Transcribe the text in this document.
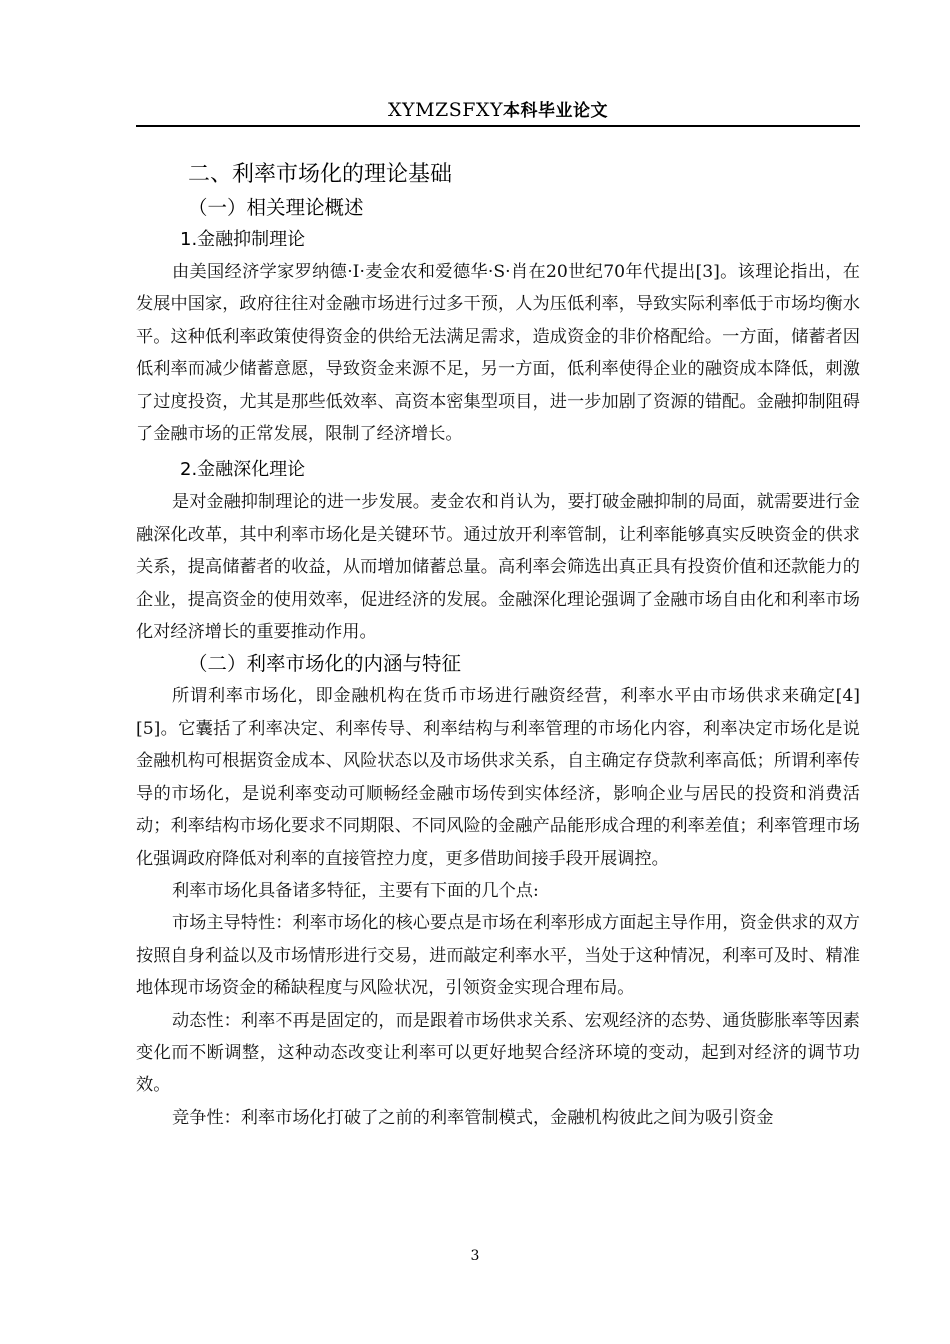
XYMZSFXY本科毕业论文
二、利率市场化的理论基础
（一）相关理论概述
1.金融抑制理论

由美国经济学家罗纳德·I·麦金农和爱德华·S·肖在20世纪70年代提出[3]。该理论指出，在发展中国家，政府往往对金融市场进行过多干预，人为压低利率，导致实际利率低于市场均衡水平。这种低利率政策使得资金的供给无法满足需求，造成资金的非价格配给。一方面，储蓄者因低利率而减少储蓄意愿，导致资金来源不足，另一方面，低利率使得企业的融资成本降低，刺激了过度投资，尤其是那些低效率、高资本密集型项目，进一步加剧了资源的错配。金融抑制阻碍了金融市场的正常发展，限制了经济增长。

2.金融深化理论

是对金融抑制理论的进一步发展。麦金农和肖认为，要打破金融抑制的局面，就需要进行金融深化改革，其中利率市场化是关键环节。通过放开利率管制，让利率能够真实反映资金的供求关系，提高储蓄者的收益，从而增加储蓄总量。高利率会筛选出真正具有投资价值和还款能力的企业，提高资金的使用效率，促进经济的发展。金融深化理论强调了金融市场自由化和利率市场化对经济增长的重要推动作用。

（二）利率市场化的内涵与特征

所谓利率市场化，即金融机构在货币市场进行融资经营，利率水平由市场供求来确定[4][5]。它囊括了利率决定、利率传导、利率结构与利率管理的市场化内容，利率决定市场化是说金融机构可根据资金成本、风险状态以及市场供求关系，自主确定存贷款利率高低；所谓利率传导的市场化，是说利率变动可顺畅经金融市场传到实体经济，影响企业与居民的投资和消费活动；利率结构市场化要求不同期限、不同风险的金融产品能形成合理的利率差值；利率管理市场化强调政府降低对利率的直接管控力度，更多借助间接手段开展调控。

利率市场化具备诸多特征，主要有下面的几个点:

市场主导特性：利率市场化的核心要点是市场在利率形成方面起主导作用，资金供求的双方按照自身利益以及市场情形进行交易，进而敲定利率水平，当处于这种情况，利率可及时、精准地体现市场资金的稀缺程度与风险状况，引领资金实现合理布局。

动态性：利率不再是固定的，而是跟着市场供求关系、宏观经济的态势、通货膨胀率等因素变化而不断调整，这种动态改变让利率可以更好地契合经济环境的变动，起到对经济的调节功效。

竞争性：利率市场化打破了之前的利率管制模式，金融机构彼此之间为吸引资金

3
